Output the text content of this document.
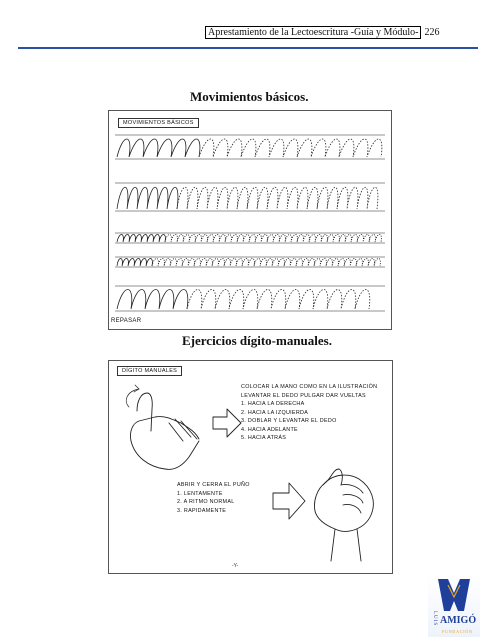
Aprestamiento de la Lectoescritura -Guía y Módulo- 226
Movimientos básicos.
MOVIMIENTOS BÁSICOS
REPASAR
Ejercicios dígito-manuales.
DÍGITO MANUALES
COLOCAR LA MANO COMO EN LA ILUSTRACIÓN
LEVANTAR EL DEDO PULGAR DAR VUELTAS
1. HACIA LA DERECHA
2. HACIA LA IZQUIERDA
3. DOBLAR Y LEVANTAR EL DEDO
4. HACIA ADELANTE
5. HACIA ATRÁS
ABRIR Y CERRA EL PUÑO
1. LENTAMENTE
2. A RITMO NORMAL
3. RAPIDAMENTE
-Y-
LUIS AMIGÓ
FUNDACIÓN
